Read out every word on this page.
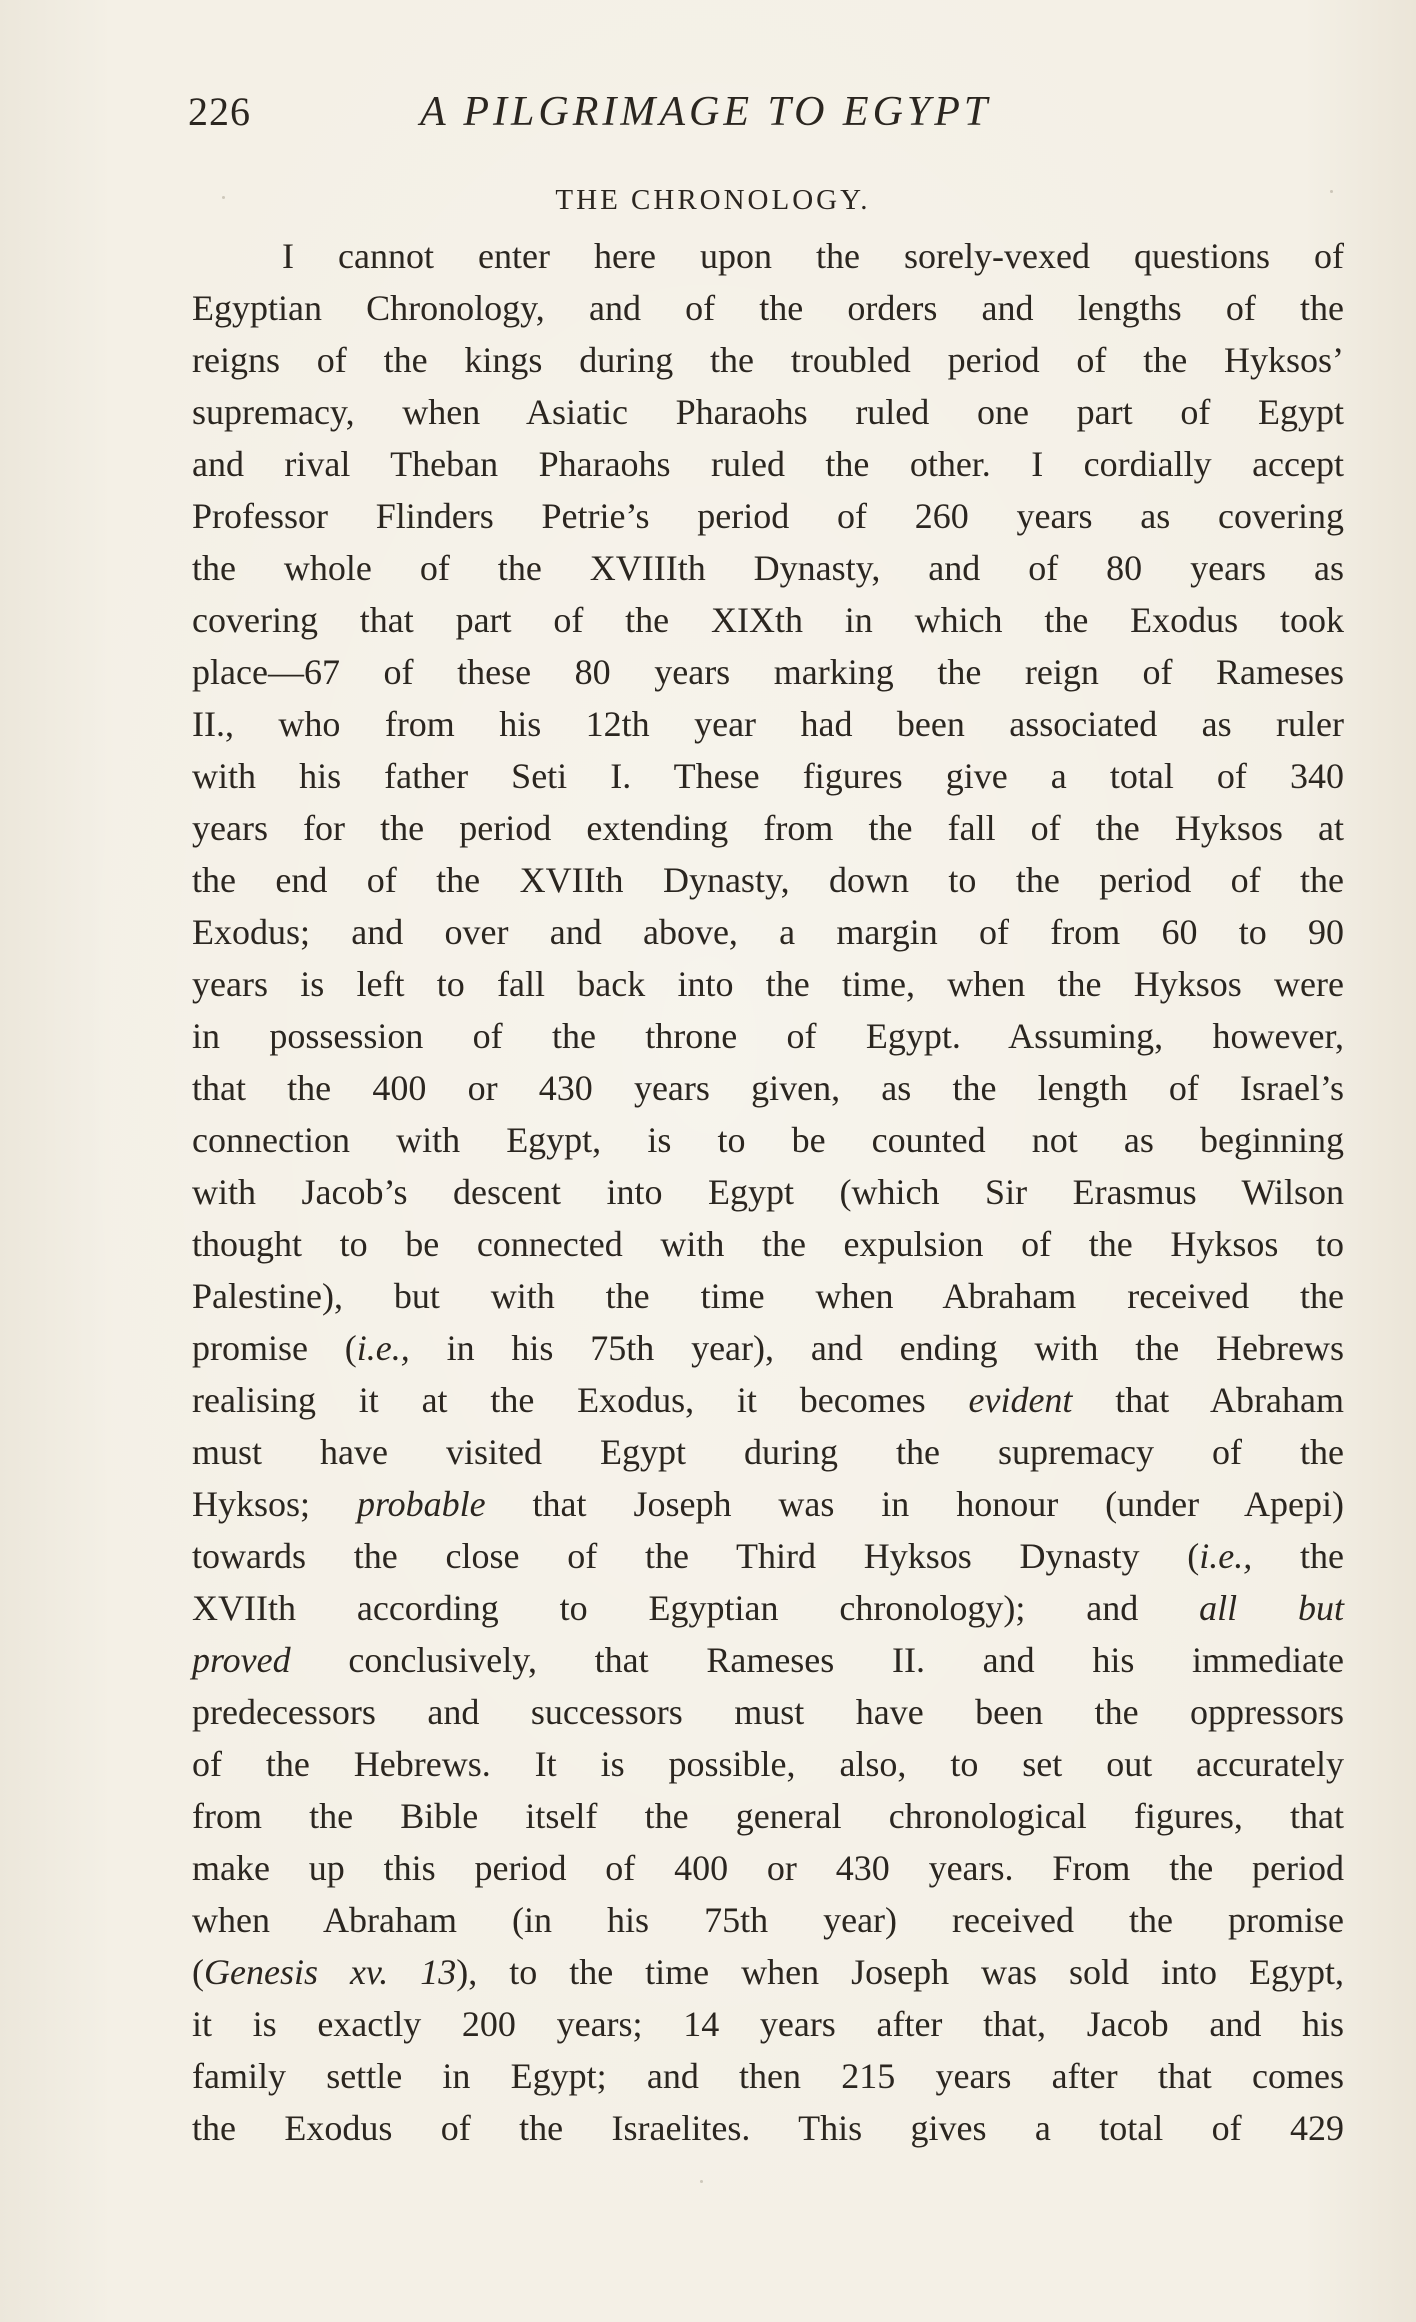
226	A PILGRIMAGE TO EGYPT
THE CHRONOLOGY.
I cannot enter here upon the sorely-vexed questions of
Egyptian Chronology, and of the orders and lengths of the
reigns of the kings during the troubled period of the Hyksos’
supremacy, when Asiatic Pharaohs ruled one part of Egypt
and rival Theban Pharaohs ruled the other. I cordially accept
Professor Flinders Petrie’s period of 260 years as covering
the whole of the XVIIIth Dynasty, and of 80 years as
covering that part of the XIXth in which the Exodus took
place—67 of these 80 years marking the reign of Rameses
II., who from his 12th year had been associated as ruler
with his father Seti I. These figures give a total of 340
years for the period extending from the fall of the Hyksos at
the end of the XVIIth Dynasty, down to the period of the
Exodus; and over and above, a margin of from 60 to 90
years is left to fall back into the time, when the Hyksos were
in possession of the throne of Egypt. Assuming, however,
that the 400 or 430 years given, as the length of Israel’s
connection with Egypt, is to be counted not as beginning
with Jacob’s descent into Egypt (which Sir Erasmus Wilson
thought to be connected with the expulsion of the Hyksos to
Palestine), but with the time when Abraham received the
promise (i.e., in his 75th year), and ending with the Hebrews
realising it at the Exodus, it becomes evident that Abraham
must have visited Egypt during the supremacy of the
Hyksos; probable that Joseph was in honour (under Apepi)
towards the close of the Third Hyksos Dynasty (i.e., the
XVIIth according to Egyptian chronology); and all but
proved conclusively, that Rameses II. and his immediate
predecessors and successors must have been the oppressors
of the Hebrews. It is possible, also, to set out accurately
from the Bible itself the general chronological figures, that
make up this period of 400 or 430 years. From the period
when Abraham (in his 75th year) received the promise
(Genesis xv. 13), to the time when Joseph was sold into Egypt,
it is exactly 200 years; 14 years after that, Jacob and his
family settle in Egypt; and then 215 years after that comes
the Exodus of the Israelites. This gives a total of 429
